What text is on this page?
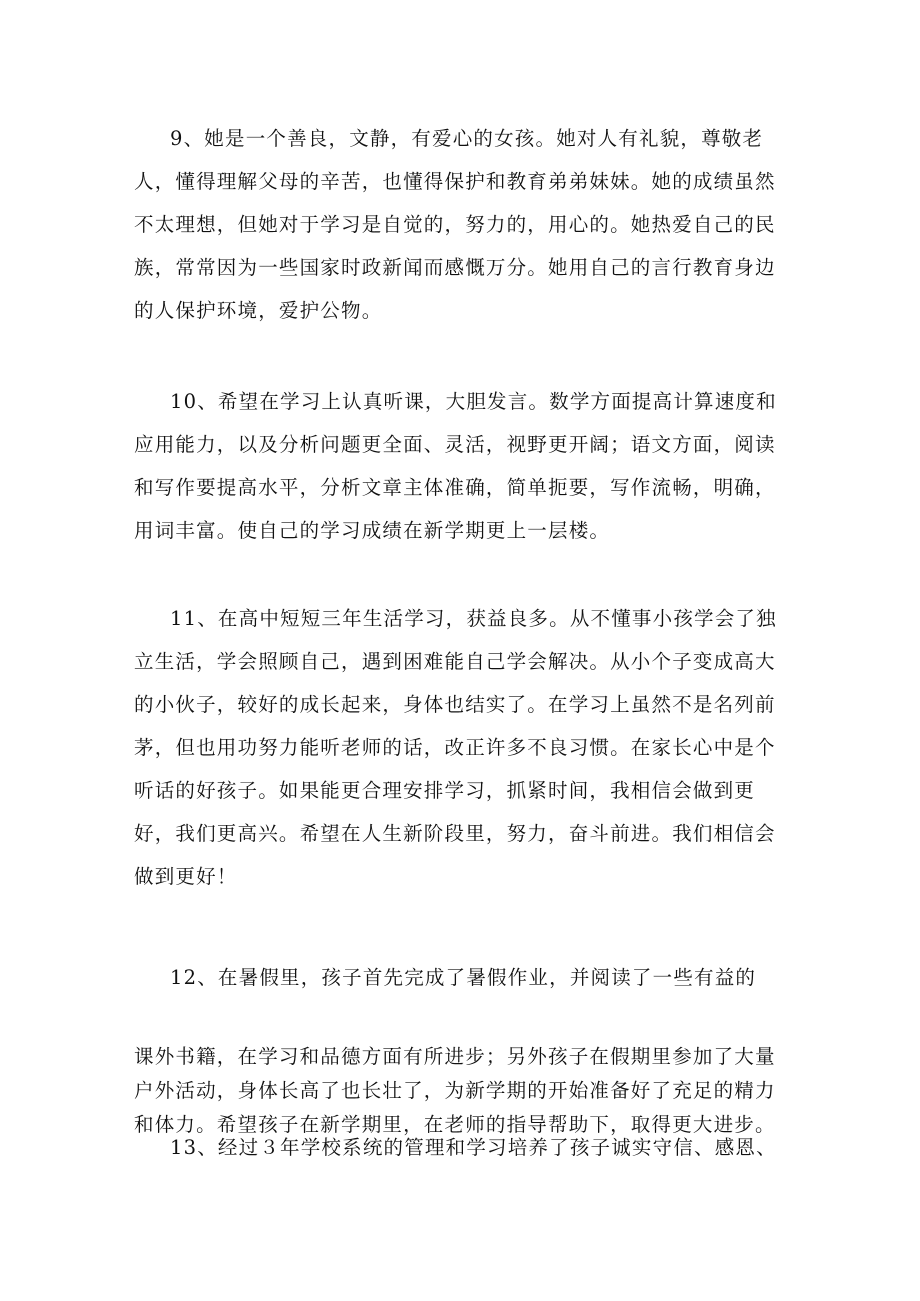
9、她是一个善良，文静，有爱心的女孩。她对人有礼貌，尊敬老
人，懂得理解父母的辛苦，也懂得保护和教育弟弟妹妹。她的成绩虽然
不太理想，但她对于学习是自觉的，努力的，用心的。她热爱自己的民
族，常常因为一些国家时政新闻而感慨万分。她用自己的言行教育身边
的人保护环境，爱护公物。
10、希望在学习上认真听课，大胆发言。数学方面提高计算速度和
应用能力，以及分析问题更全面、灵活，视野更开阔；语文方面，阅读
和写作要提高水平，分析文章主体准确，简单扼要，写作流畅，明确，
用词丰富。使自己的学习成绩在新学期更上一层楼。
11、在高中短短三年生活学习，获益良多。从不懂事小孩学会了独
立生活，学会照顾自己，遇到困难能自己学会解决。从小个子变成高大
的小伙子，较好的成长起来，身体也结实了。在学习上虽然不是名列前
茅，但也用功努力能听老师的话，改正许多不良习惯。在家长心中是个
听话的好孩子。如果能更合理安排学习，抓紧时间，我相信会做到更
好，我们更高兴。希望在人生新阶段里，努力，奋斗前进。我们相信会
做到更好！
12、在暑假里，孩子首先完成了暑假作业，并阅读了一些有益的
课外书籍，在学习和品德方面有所进步；另外孩子在假期里参加了大量
户外活动，身体长高了也长壮了，为新学期的开始准备好了充足的精力
和体力。希望孩子在新学期里，在老师的指导帮助下，取得更大进步。
13、经过３年学校系统的管理和学习培养了孩子诚实守信、感恩、
